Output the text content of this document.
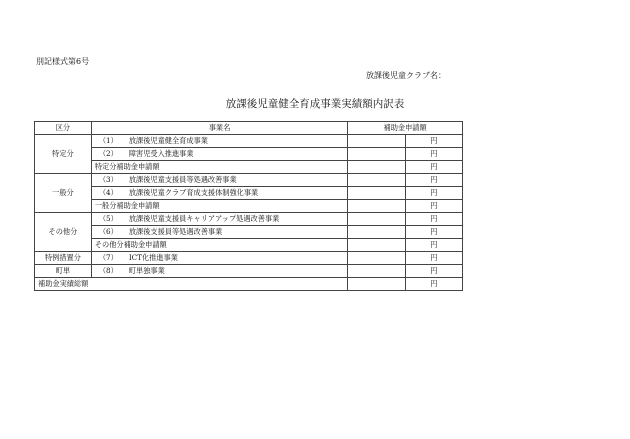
別記様式第6号
放課後児童クラブ名：
放課後児童健全育成事業実績額内訳表
区分	事業名	補助金申請額	
特定分	（1） 放課後児童健全育成事業		円
	（2） 障害児受入推進事業		円
	特定分補助金申請額		円
一般分	（3） 放課後児童支援員等処遇改善事業		円
	（4） 放課後児童クラブ育成支援体制強化事業		円
	一般分補助金申請額		円
その他分	（5） 放課後児童支援員キャリアアップ処遇改善事業		円
	（6） 放課後支援員等処遇改善事業		円
	その他分補助金申請額		円
特例措置分	（7） ICT化推進事業		円
町単	（8） 町単独事業		円
補助金実績総額			円
